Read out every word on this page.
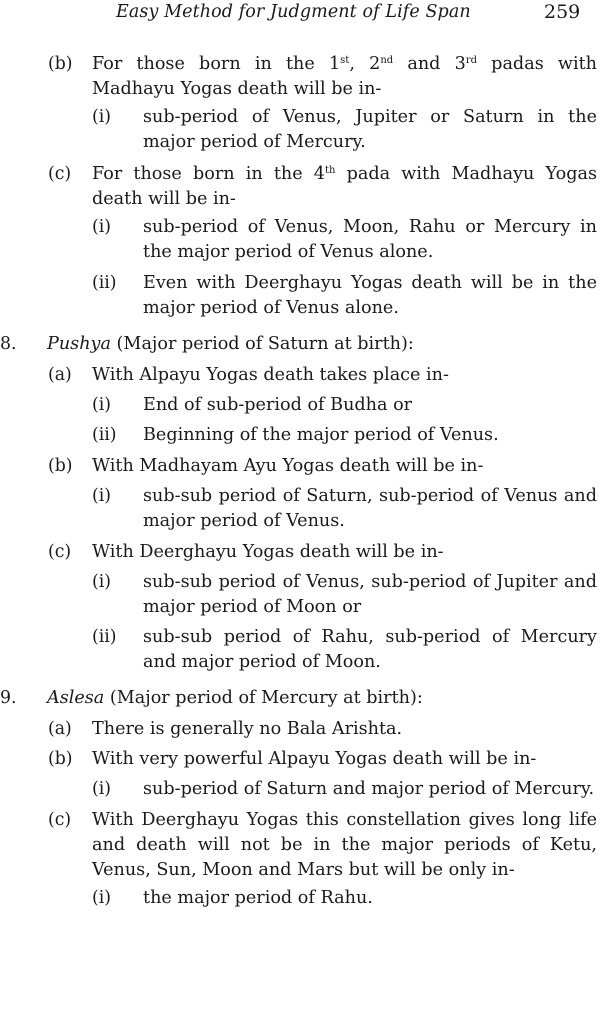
Easy Method for Judgment of Life Span	259
(b) For those born in the 1st, 2nd and 3rd padas with Madhayu Yogas death will be in-
(i) sub-period of Venus, Jupiter or Saturn in the major period of Mercury.
(c) For those born in the 4th pada with Madhayu Yogas death will be in-
(i) sub-period of Venus, Moon, Rahu or Mercury in the major period of Venus alone.
(ii) Even with Deerghayu Yogas death will be in the major period of Venus alone.
8. Pushya (Major period of Saturn at birth):
(a) With Alpayu Yogas death takes place in-
(i) End of sub-period of Budha or
(ii) Beginning of the major period of Venus.
(b) With Madhayam Ayu Yogas death will be in-
(i) sub-sub period of Saturn, sub-period of Venus and major period of Venus.
(c) With Deerghayu Yogas death will be in-
(i) sub-sub period of Venus, sub-period of Jupiter and major period of Moon or
(ii) sub-sub period of Rahu, sub-period of Mercury and major period of Moon.
9. Aslesa (Major period of Mercury at birth):
(a) There is generally no Bala Arishta.
(b) With very powerful Alpayu Yogas death will be in-
(i) sub-period of Saturn and major period of Mercury.
(c) With Deerghayu Yogas this constellation gives long life and death will not be in the major periods of Ketu, Venus, Sun, Moon and Mars but will be only in-
(i) the major period of Rahu.
